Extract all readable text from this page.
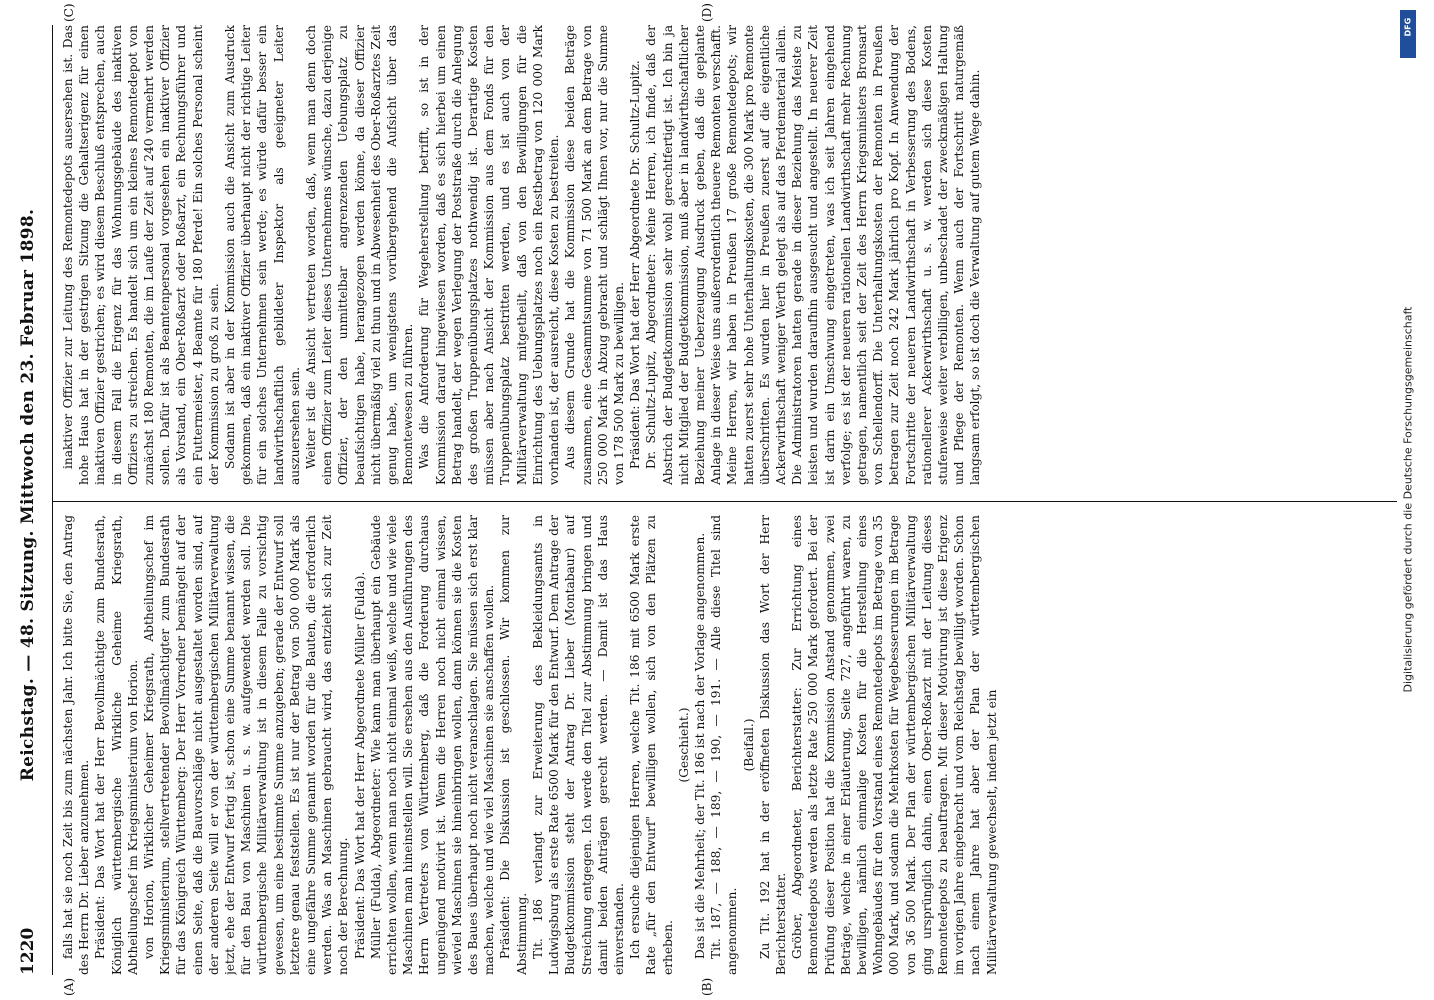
1220
Reichstag. — 48. Sitzung. Mittwoch den 23. Februar 1898.
(A)	(B)
(C)	(D)

falls hat sie noch Zeit bis zum nächsten Jahr. Ich bitte Sie, den Antrag des Herrn Dr. Lieber anzunehmen. Präsident: Das Wort hat der Herr Bevollmächtigte zum Bundesrath, Königlich württembergische Wirkliche Geheime Kriegsrath, Abtheilungschef im Kriegsministerium von Horion. von Horion, Wirklicher Geheimer Kriegsrath, Abtheilungschef im Kriegsministerium, stellvertretender Bevollmächtigter zum Bundesrath für das Königreich Württemberg: Der Herr Vorredner bemängelt auf der einen Seite, daß die Bauvorschläge nicht ausgestaltet worden sind, auf der anderen Seite will er von der württembergischen Militärverwaltung jetzt, ehe der Entwurf fertig ist, schon eine Summe benannt wissen, die für den Bau von Maschinen u. s. w. aufgewendet werden soll. Die württembergische Militärverwaltung ist in diesem Falle zu vorsichtig gewesen, um eine bestimmte Summe anzugeben; gerade der Entwurf soll letztere genau feststellen. Es ist nur der Betrag von 500 000 Mark als eine ungefähre Summe genannt worden für die Bauten, die erforderlich werden. Was an Maschinen gebraucht wird, das entzieht sich zur Zeit noch der Berechnung. Präsident: Das Wort hat der Herr Abgeordnete Müller (Fulda). Müller (Fulda), Abgeordneter: Wie kann man überhaupt ein Gebäude errichten wollen, wenn man noch nicht einmal weiß, welche und wie viele Maschinen man hineinstellen will. Sie ersehen aus den Ausführungen des Herrn Vertreters von Württemberg, daß die Forderung durchaus ungenügend motivirt ist. Wenn die Herren noch nicht einmal wissen, wieviel Maschinen sie hineinbringen wollen, dann können sie die Kosten des Baues überhaupt noch nicht veranschlagen. Sie müssen sich erst klar machen, welche und wie viel Maschinen sie anschaffen wollen. Präsident: Die Diskussion ist geschlossen. Wir kommen zur Abstimmung. Tit. 186 verlangt zur Erweiterung des Bekleidungsamts in Ludwigsburg als erste Rate 6500 Mark für den Entwurf. Dem Antrage der Budgetkommission steht der Antrag Dr. Lieber (Montabaur) auf Streichung entgegen. Ich werde den Titel zur Abstimmung bringen und damit beiden Anträgen gerecht werden. — Damit ist das Haus einverstanden. Ich ersuche diejenigen Herren, welche Tit. 186 mit 6500 Mark erste Rate „für den Entwurf" bewilligen wollen, sich von den Plätzen zu erheben.

(Geschieht.) Das ist die Mehrheit; der Tit. 186 ist nach der Vorlage angenommen. Tit. 187, — 188, — 189, — 190, — 191. — Alle diese Titel sind angenommen.

(Beifall.) Zu Tit. 192 hat in der eröffneten Diskussion das Wort der Herr Berichterstatter. Gröber, Abgeordneter, Berichterstatter: Zur Errichtung eines Remontedepots werden als letzte Rate 250 000 Mark gefordert. Bei der Prüfung dieser Position hat die Kommission Anstand genommen, zwei Beträge, welche in einer Erläuterung, Seite 727, angeführt waren, zu bewilligen, nämlich einmalige Kosten für die Herstellung eines Wohngebäudes für den Vorstand eines Remontedepots im Betrage von 35 000 Mark, und sodann die Mehrkosten für Wegebesserungen im Betrage von 36 500 Mark. Der Plan der württembergischen Militärverwaltung ging ursprünglich dahin, einen Ober-Roßarzt mit der Leitung dieses Remontedepots zu beauftragen. Mit dieser Motivirung ist diese Erigenz im vorigen Jahre eingebracht und vom Reichstag bewilligt worden. Schon nach einem Jahre hat aber der Plan der württembergischen Militärverwaltung gewechselt, indem jetzt ein

inaktiver Offizier zur Leitung des Remontedepots ausersehen ist. Das hohe Haus hat in der gestrigen Sitzung die Gehaltserigenz für einen inaktiven Offizier gestrichen; es wird diesem Beschluß entsprechen, auch in diesem Fall die Erigenz für das Wohnungsgebäude des inaktiven Offiziers zu streichen. Es handelt sich um ein kleines Remontedepot von zunächst 180 Remonten, die im Laufe der Zeit auf 240 vermehrt werden sollen. Dafür ist als Beamtenpersonal vorgesehen ein inaktiver Offizier als Vorstand, ein Ober-Roßarzt oder Roßarzt, ein Rechnungsführer und ein Futtermeister, 4 Beamte für 180 Pferde! Ein solches Personal scheint der Kommission zu groß zu sein. Sodann ist aber in der Kommission auch die Ansicht zum Ausdruck gekommen, daß ein inaktiver Offizier überhaupt nicht der richtige Leiter für ein solches Unternehmen sein werde; es würde dafür besser ein landwirthschaftlich gebildeter Inspektor als geeigneter Leiter auszuersehen sein. Weiter ist die Ansicht vertreten worden, daß, wenn man denn doch einen Offizier zum Leiter dieses Unternehmens wünsche, dazu derjenige Offizier, der den unmittelbar angrenzenden Uebungsplatz zu beaufsichtigen habe, herangezogen werden könne, da dieser Offizier nicht übermäßig viel zu thun und in Abwesenheit des Ober-Roßarztes Zeit genug habe, um wenigstens vorübergehend die Aufsicht über das Remontewesen zu führen. Was die Anforderung für Wegeherstellung betrifft, so ist in der Kommission darauf hingewiesen worden, daß es sich hierbei um einen Betrag handelt, der wegen Verlegung der Poststraße durch die Anlegung des großen Truppenübungsplatzes nothwendig ist. Derartige Kosten müssen aber nach Ansicht der Kommission aus dem Fonds für den Truppenübungsplatz bestritten werden, und es ist auch von der Militärverwaltung mitgetheilt, daß von den Bewilligungen für die Einrichtung des Uebungsplatzes noch ein Restbetrag von 120 000 Mark vorhanden ist, der ausreicht, diese Kosten zu bestreiten. Aus diesem Grunde hat die Kommission diese beiden Beträge zusammen, eine Gesammtsumme von 71 500 Mark an dem Betrage von 250 000 Mark in Abzug gebracht und schlägt Ihnen vor, nur die Summe von 178 500 Mark zu bewilligen. Präsident: Das Wort hat der Herr Abgeordnete Dr. Schultz-Lupitz. Dr. Schultz-Lupitz, Abgeordneter: Meine Herren, ich finde, daß der Abstrich der Budgetkommission sehr wohl gerechtfertigt ist. Ich bin ja nicht Mitglied der Budgetkommission, muß aber in landwirthschaftlicher Beziehung meiner Ueberzeugung Ausdruck geben, daß die geplante Anlage in dieser Weise uns außerordentlich theuere Remonten verschafft. Meine Herren, wir haben in Preußen 17 große Remontedepots; wir hatten zuerst sehr hohe Unterhaltungskosten, die 300 Mark pro Remonte überschritten. Es wurden hier in Preußen zuerst auf die eigentliche Ackerwirthschaft weniger Werth gelegt als auf das Pferdematerial allein. Die Administratoren hatten gerade in dieser Beziehung das Meiste zu leisten und wurden daraufhin ausgesucht und angestellt. In neuerer Zeit ist darin ein Umschwung eingetreten, was ich seit Jahren eingehend verfolge; es ist der neueren rationellen Landwirthschaft mehr Rechnung getragen, namentlich seit der Zeit des Herrn Kriegsministers Bronsart von Schellendorff. Die Unterhaltungskosten der Remonten in Preußen betragen zur Zeit noch 242 Mark jährlich pro Kopf. In Anwendung der Fortschritte der neueren Landwirthschaft in Verbesserung des Bodens, rationellerer Ackerwirthschaft u. s. w. werden sich diese Kosten stufenweise weiter verbilligen, unbeschadet der zweckmäßigen Haltung und Pflege der Remonten. Wenn auch der Fortschritt naturgemäß langsam erfolgt, so ist doch die Verwaltung auf gutem Wege dahin.

Digitalisierung gefördert durch die Deutsche Forschungsgemeinschaft
DFG
